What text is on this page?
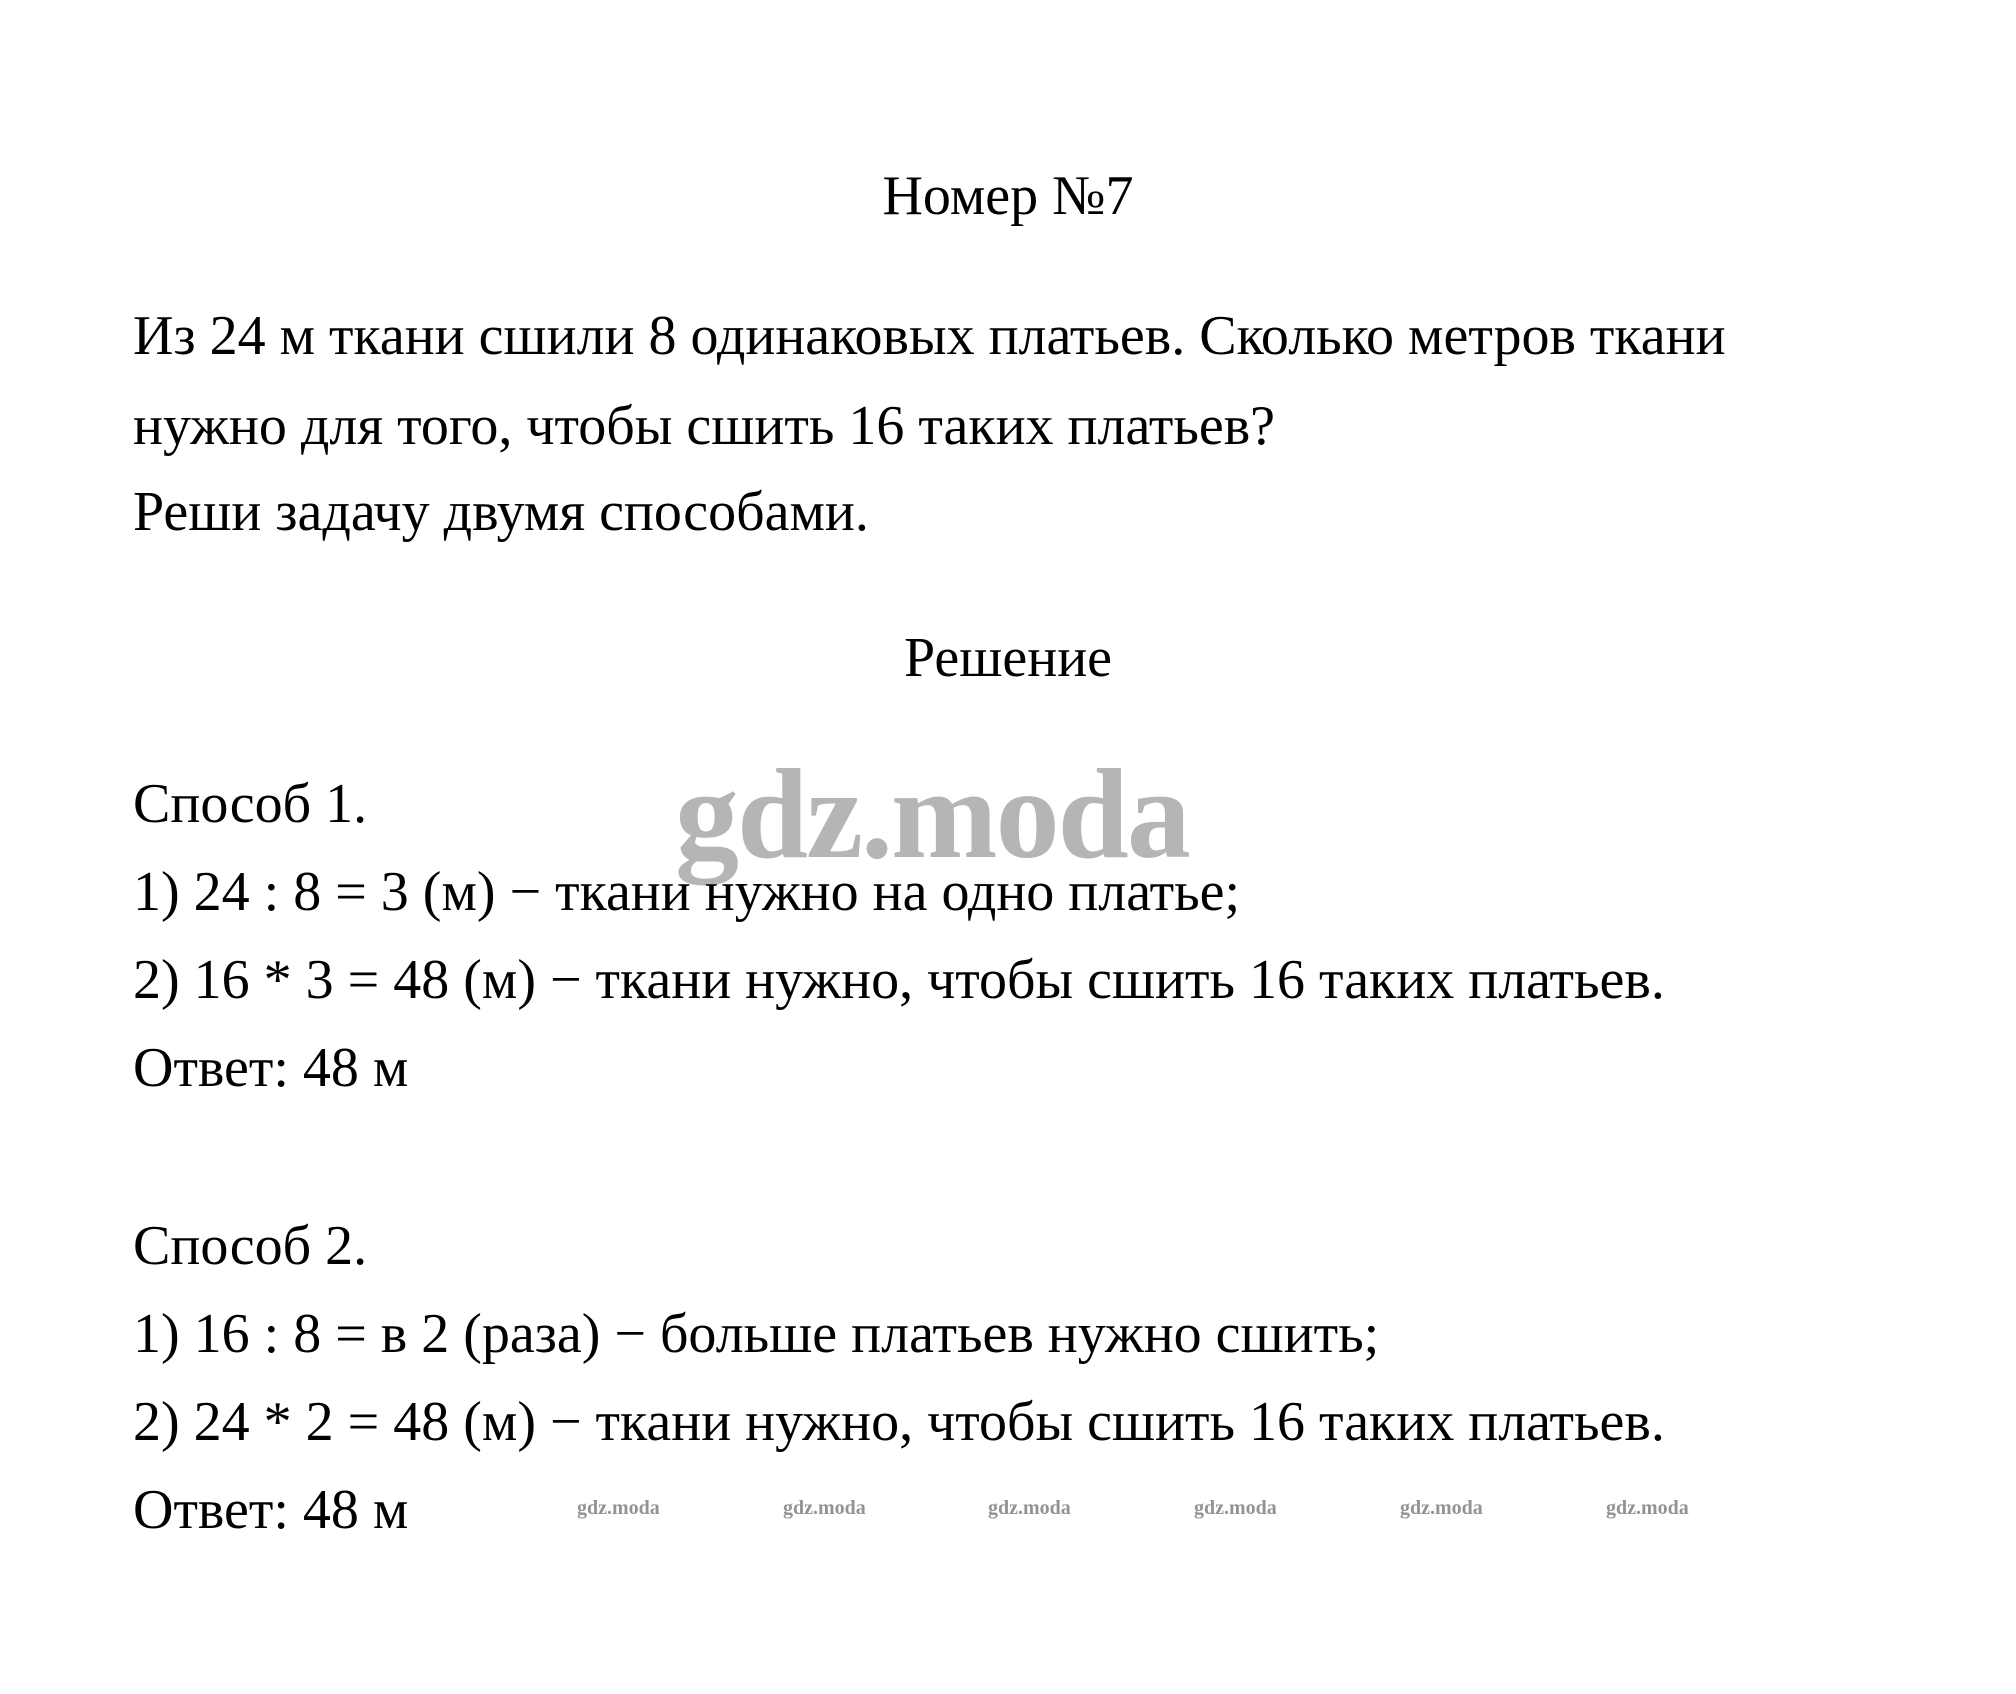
Номер №7
Из 24 м ткани сшили 8 одинаковых платьев. Сколько метров ткани
нужно для того, чтобы сшить 16 таких платьев?
Реши задачу двумя способами.
Решение
gdz.moda
Способ 1.
1) 24 : 8 = 3 (м) − ткани нужно на одно платье;
2) 16 * 3 = 48 (м) − ткани нужно, чтобы сшить 16 таких платьев.
Ответ: 48 м
Способ 2.
1) 16 : 8 = в 2 (раза) − больше платьев нужно сшить;
2) 24 * 2 = 48 (м) − ткани нужно, чтобы сшить 16 таких платьев.
Ответ: 48 м	gdz.moda	gdz.moda	gdz.moda	gdz.moda	gdz.moda	gdz.moda
